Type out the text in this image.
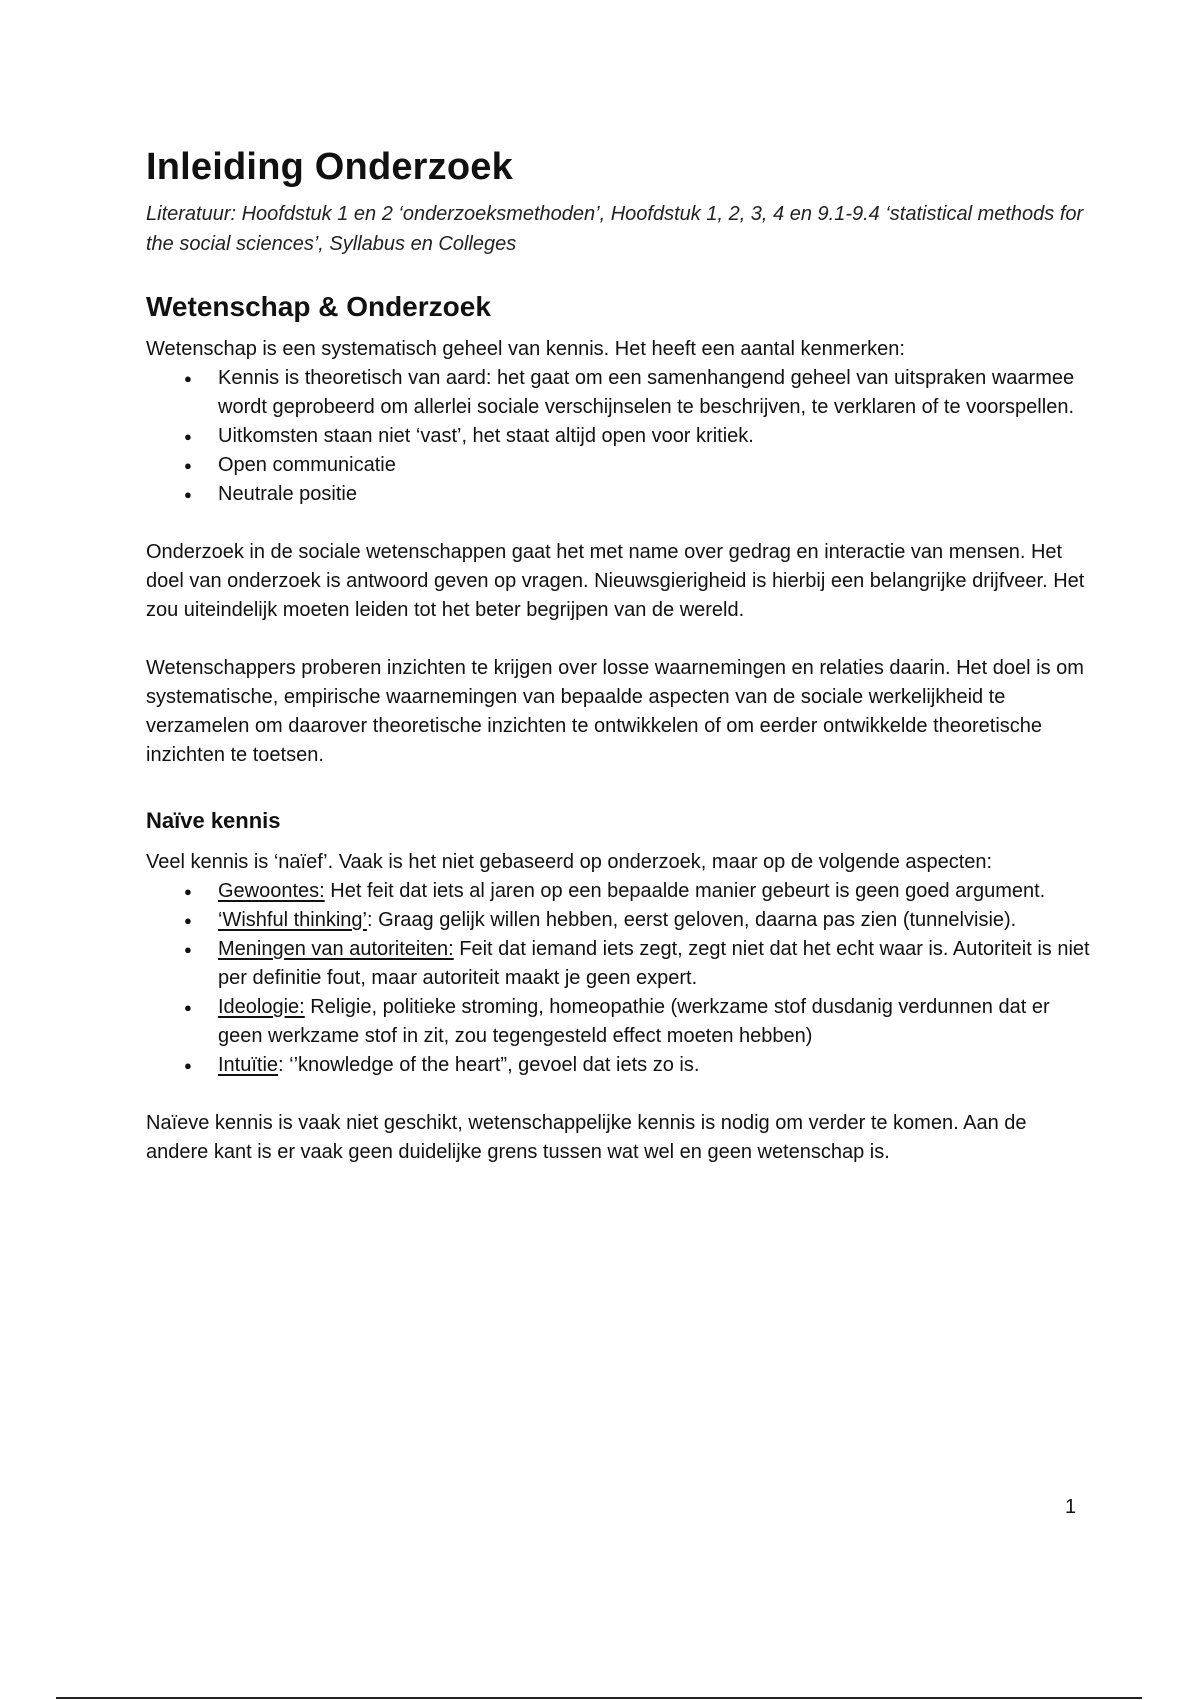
Inleiding Onderzoek

Literatuur: Hoofdstuk 1 en 2 ‘onderzoeksmethoden’, Hoofdstuk 1, 2, 3, 4 en 9.1-9.4 ‘statistical methods for the social sciences’, Syllabus en Colleges

Wetenschap & Onderzoek

Wetenschap is een systematisch geheel van kennis. Het heeft een aantal kenmerken:

● Kennis is theoretisch van aard: het gaat om een samenhangend geheel van uitspraken waarmee wordt geprobeerd om allerlei sociale verschijnselen te beschrijven, te verklaren of te voorspellen.
● Uitkomsten staan niet ‘vast’, het staat altijd open voor kritiek.
● Open communicatie
● Neutrale positie

Onderzoek in de sociale wetenschappen gaat het met name over gedrag en interactie van mensen. Het doel van onderzoek is antwoord geven op vragen. Nieuwsgierigheid is hierbij een belangrijke drijfveer. Het zou uiteindelijk moeten leiden tot het beter begrijpen van de wereld.

Wetenschappers proberen inzichten te krijgen over losse waarnemingen en relaties daarin. Het doel is om systematische, empirische waarnemingen van bepaalde aspecten van de sociale werkelijkheid te verzamelen om daarover theoretische inzichten te ontwikkelen of om eerder ontwikkelde theoretische inzichten te toetsen.

Naïve kennis

Veel kennis is ‘naïef’. Vaak is het niet gebaseerd op onderzoek, maar op de volgende aspecten:

● Gewoontes: Het feit dat iets al jaren op een bepaalde manier gebeurt is geen goed argument.
● ‘Wishful thinking’: Graag gelijk willen hebben, eerst geloven, daarna pas zien (tunnelvisie).
● Meningen van autoriteiten: Feit dat iemand iets zegt, zegt niet dat het echt waar is. Autoriteit is niet per definitie fout, maar autoriteit maakt je geen expert.
● Ideologie: Religie, politieke stroming, homeopathie (werkzame stof dusdanig verdunnen dat er geen werkzame stof in zit, zou tegengesteld effect moeten hebben)
● Intuïtie: ‘’knowledge of the heart”, gevoel dat iets zo is.

Naïeve kennis is vaak niet geschikt, wetenschappelijke kennis is nodig om verder te komen. Aan de andere kant is er vaak geen duidelijke grens tussen wat wel en geen wetenschap is.

1
